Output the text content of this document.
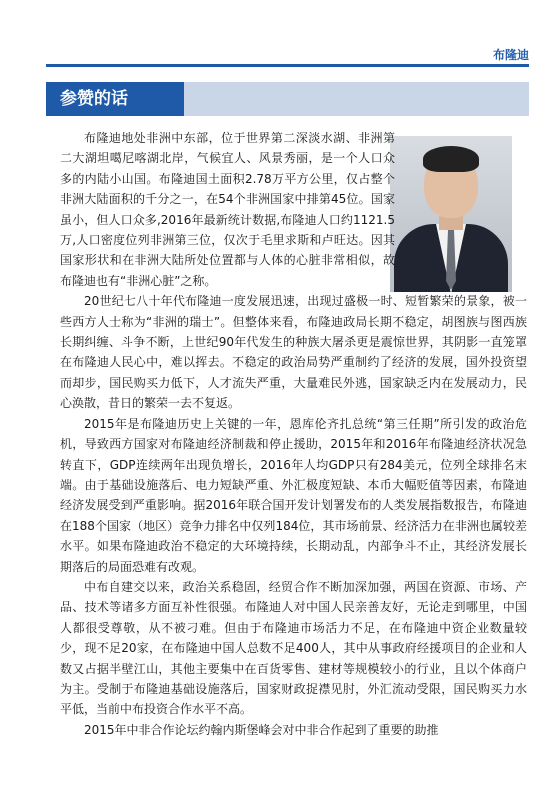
布隆迪
参赞的话

布隆迪地处非洲中东部，位于世界第二深淡水湖、非洲第二大湖坦噶尼喀湖北岸，气候宜人、风景秀丽，是一个人口众多的内陆小山国。布隆迪国土面积2.78万平方公里，仅占整个非洲大陆面积的千分之一，在54个非洲国家中排第45位。国家虽小，但人口众多,2016年最新统计数据,布隆迪人口约1121.5万,人口密度位列非洲第三位，仅次于毛里求斯和卢旺达。因其国家形状和在非洲大陆所处位置都与人体的心脏非常相似，故布隆迪也有“非洲心脏”之称。

20世纪七八十年代布隆迪一度发展迅速，出现过盛极一时、短暂繁荣的景象，被一些西方人士称为“非洲的瑞士”。但整体来看，布隆迪政局长期不稳定，胡图族与图西族长期纠缠、斗争不断，上世纪90年代发生的种族大屠杀更是震惊世界，其阴影一直笼罩在布隆迪人民心中，难以挥去。不稳定的政治局势严重制约了经济的发展，国外投资望而却步，国民购买力低下，人才流失严重，大量难民外逃，国家缺乏内在发展动力，民心涣散，昔日的繁荣一去不复返。

2015年是布隆迪历史上关键的一年，恩库伦齐扎总统“第三任期”所引发的政治危机，导致西方国家对布隆迪经济制裁和停止援助，2015年和2016年布隆迪经济状况急转直下，GDP连续两年出现负增长，2016年人均GDP只有284美元，位列全球排名末端。由于基础设施落后、电力短缺严重、外汇极度短缺、本币大幅贬值等因素，布隆迪经济发展受到严重影响。据2016年联合国开发计划署发布的人类发展指数报告，布隆迪在188个国家（地区）竞争力排名中仅列184位，其市场前景、经济活力在非洲也属较差水平。如果布隆迪政治不稳定的大环境持续，长期动乱，内部争斗不止，其经济发展长期落后的局面恐难有改观。

中布自建交以来，政治关系稳固，经贸合作不断加深加强，两国在资源、市场、产品、技术等诸多方面互补性很强。布隆迪人对中国人民亲善友好，无论走到哪里，中国人都很受尊敬，从不被刁难。但由于布隆迪市场活力不足，在布隆迪中资企业数量较少，现不足20家，在布隆迪中国人总数不足400人，其中从事政府经援项目的企业和人数又占据半壁江山，其他主要集中在百货零售、建材等规模较小的行业，且以个体商户为主。受制于布隆迪基础设施落后，国家财政捉襟见肘，外汇流动受限，国民购买力水平低，当前中布投资合作水平不高。

2015年中非合作论坛约翰内斯堡峰会对中非合作起到了重要的助推
